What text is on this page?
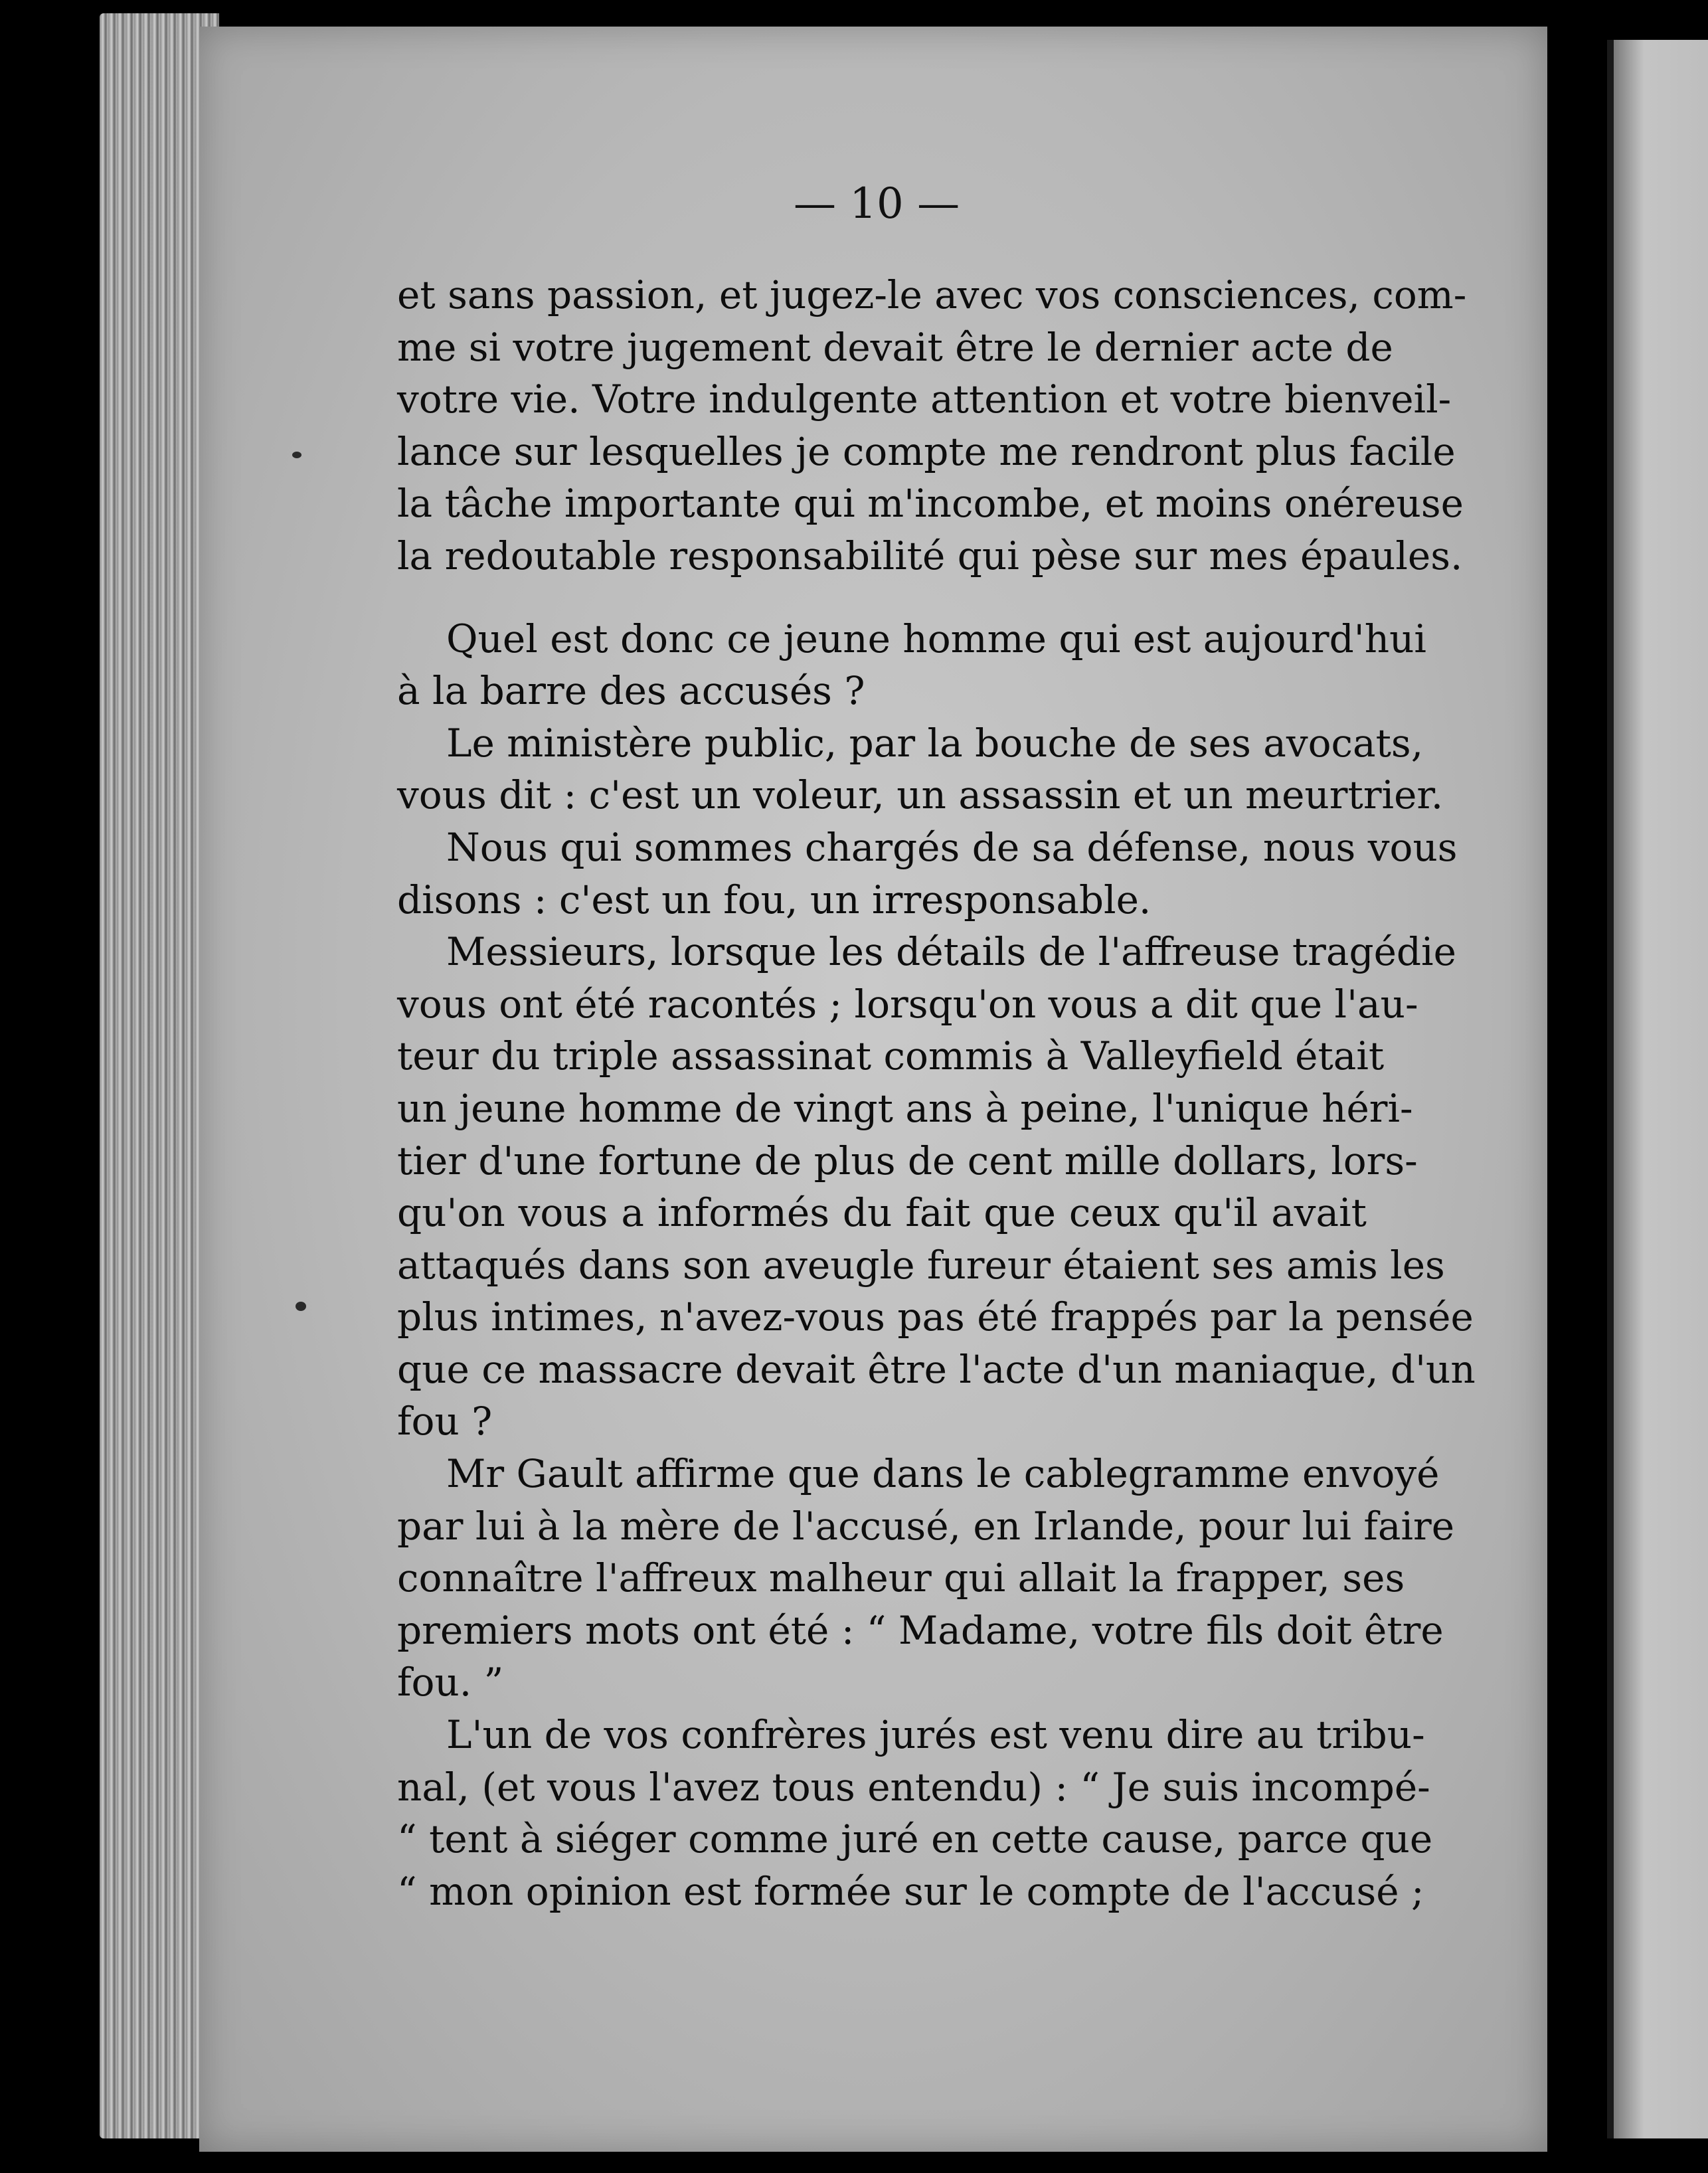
— 10 —
et sans passion, et jugez-le avec vos consciences, com-
me si votre jugement devait être le dernier acte de
votre vie. Votre indulgente attention et votre bienveil-
lance sur lesquelles je compte me rendront plus facile
la tâche importante qui m'incombe, et moins onéreuse
la redoutable responsabilité qui pèse sur mes épaules.
Quel est donc ce jeune homme qui est aujourd'hui
à la barre des accusés ?
Le ministère public, par la bouche de ses avocats,
vous dit : c'est un voleur, un assassin et un meurtrier.
Nous qui sommes chargés de sa défense, nous vous
disons : c'est un fou, un irresponsable.
Messieurs, lorsque les détails de l'affreuse tragédie
vous ont été racontés ; lorsqu'on vous a dit que l'au-
teur du triple assassinat commis à Valleyfield était
un jeune homme de vingt ans à peine, l'unique héri-
tier d'une fortune de plus de cent mille dollars, lors-
qu'on vous a informés du fait que ceux qu'il avait
attaqués dans son aveugle fureur étaient ses amis les
plus intimes, n'avez-vous pas été frappés par la pensée
que ce massacre devait être l'acte d'un maniaque, d'un
fou ?
Mr Gault affirme que dans le cablegramme envoyé
par lui à la mère de l'accusé, en Irlande, pour lui faire
connaître l'affreux malheur qui allait la frapper, ses
premiers mots ont été : “ Madame, votre fils doit être
fou. ”
L'un de vos confrères jurés est venu dire au tribu-
nal, (et vous l'avez tous entendu) : “ Je suis incompé-
“ tent à siéger comme juré en cette cause, parce que
“ mon opinion est formée sur le compte de l'accusé ;
